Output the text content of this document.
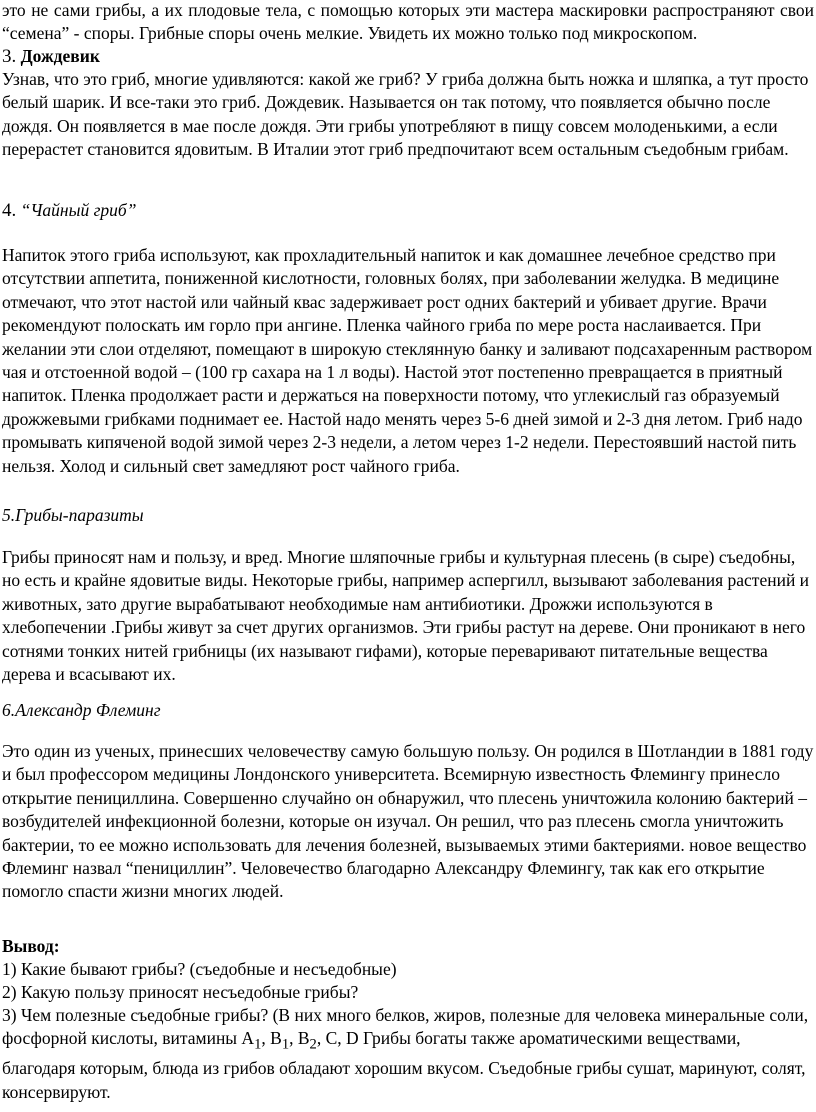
это не сами грибы, а их плодовые тела, с помощью которых эти мастера маскировки распространяют свои “семена” - споры. Грибные споры очень мелкие. Увидеть их можно только под микроскопом.

3. Дождевик

Узнав, что это гриб, многие удивляются: какой же гриб? У гриба должна быть ножка и шляпка, а тут просто белый шарик. И все-таки это гриб. Дождевик. Называется он так потому, что появляется обычно после дождя. Он появляется в мае после дождя. Эти грибы употребляют в пищу совсем молоденькими, а если перерастет становится ядовитым. В Италии этот гриб предпочитают всем остальным съедобным грибам.

4. “Чайный гриб”

Напиток этого гриба используют, как прохладительный напиток и как домашнее лечебное средство при отсутствии аппетита, пониженной кислотности, головных болях, при заболевании желудка. В медицине отмечают, что этот настой или чайный квас задерживает рост одних бактерий и убивает другие. Врачи рекомендуют полоскать им горло при ангине. Пленка чайного гриба по мере роста наслаивается. При желании эти слои отделяют, помещают в широкую стеклянную банку и заливают подсахаренным раствором чая и отстоенной водой – (100 гр сахара на 1 л воды). Настой этот постепенно превращается в приятный напиток. Пленка продолжает расти и держаться на поверхности потому, что углекислый газ образуемый дрожжевыми грибками поднимает ее. Настой надо менять через 5-6 дней зимой и 2-3 дня летом. Гриб надо промывать кипяченой водой зимой через 2-3 недели, а летом через 1-2 недели. Перестоявший настой пить нельзя. Холод и сильный свет замедляют рост чайного гриба.

5.Грибы-паразиты

Грибы приносят нам и пользу, и вред. Многие шляпочные грибы и культурная плесень (в сыре) съедобны, но есть и крайне ядовитые виды. Некоторые грибы, например аспергилл, вызывают заболевания растений и животных, зато другие вырабатывают необходимые нам антибиотики. Дрожжи используются в хлебопечении .Грибы живут за счет других организмов. Эти грибы растут на дереве. Они проникают в него сотнями тонких нитей грибницы (их называют гифами), которые переваривают питательные вещества дерева и всасывают их.

6.Александр Флеминг

Это один из ученых, принесших человечеству самую большую пользу. Он родился в Шотландии в 1881 году и был профессором медицины Лондонского университета. Всемирную известность Флемингу принесло открытие пенициллина. Совершенно случайно он обнаружил, что плесень уничтожила колонию бактерий – возбудителей инфекционной болезни, которые он изучал. Он решил, что раз плесень смогла уничтожить бактерии, то ее можно использовать для лечения болезней, вызываемых этими бактериями. новое вещество Флеминг назвал “пенициллин”. Человечество благодарно Александру Флемингу, так как его открытие помогло спасти жизни многих людей.

Вывод:
1) Какие бывают грибы? (съедобные и несъедобные)
2) Какую пользу приносят несъедобные грибы?

3) Чем полезные съедобные грибы? (В них много белков, жиров, полезные для человека минеральные соли, фосфорной кислоты, витамины $А_1$, $В_1$, $В_2$, С, D Грибы богаты также ароматическими веществами, благодаря которым, блюда из грибов обладают хорошим вкусом. Съедобные грибы сушат, маринуют, солят, консервируют.
